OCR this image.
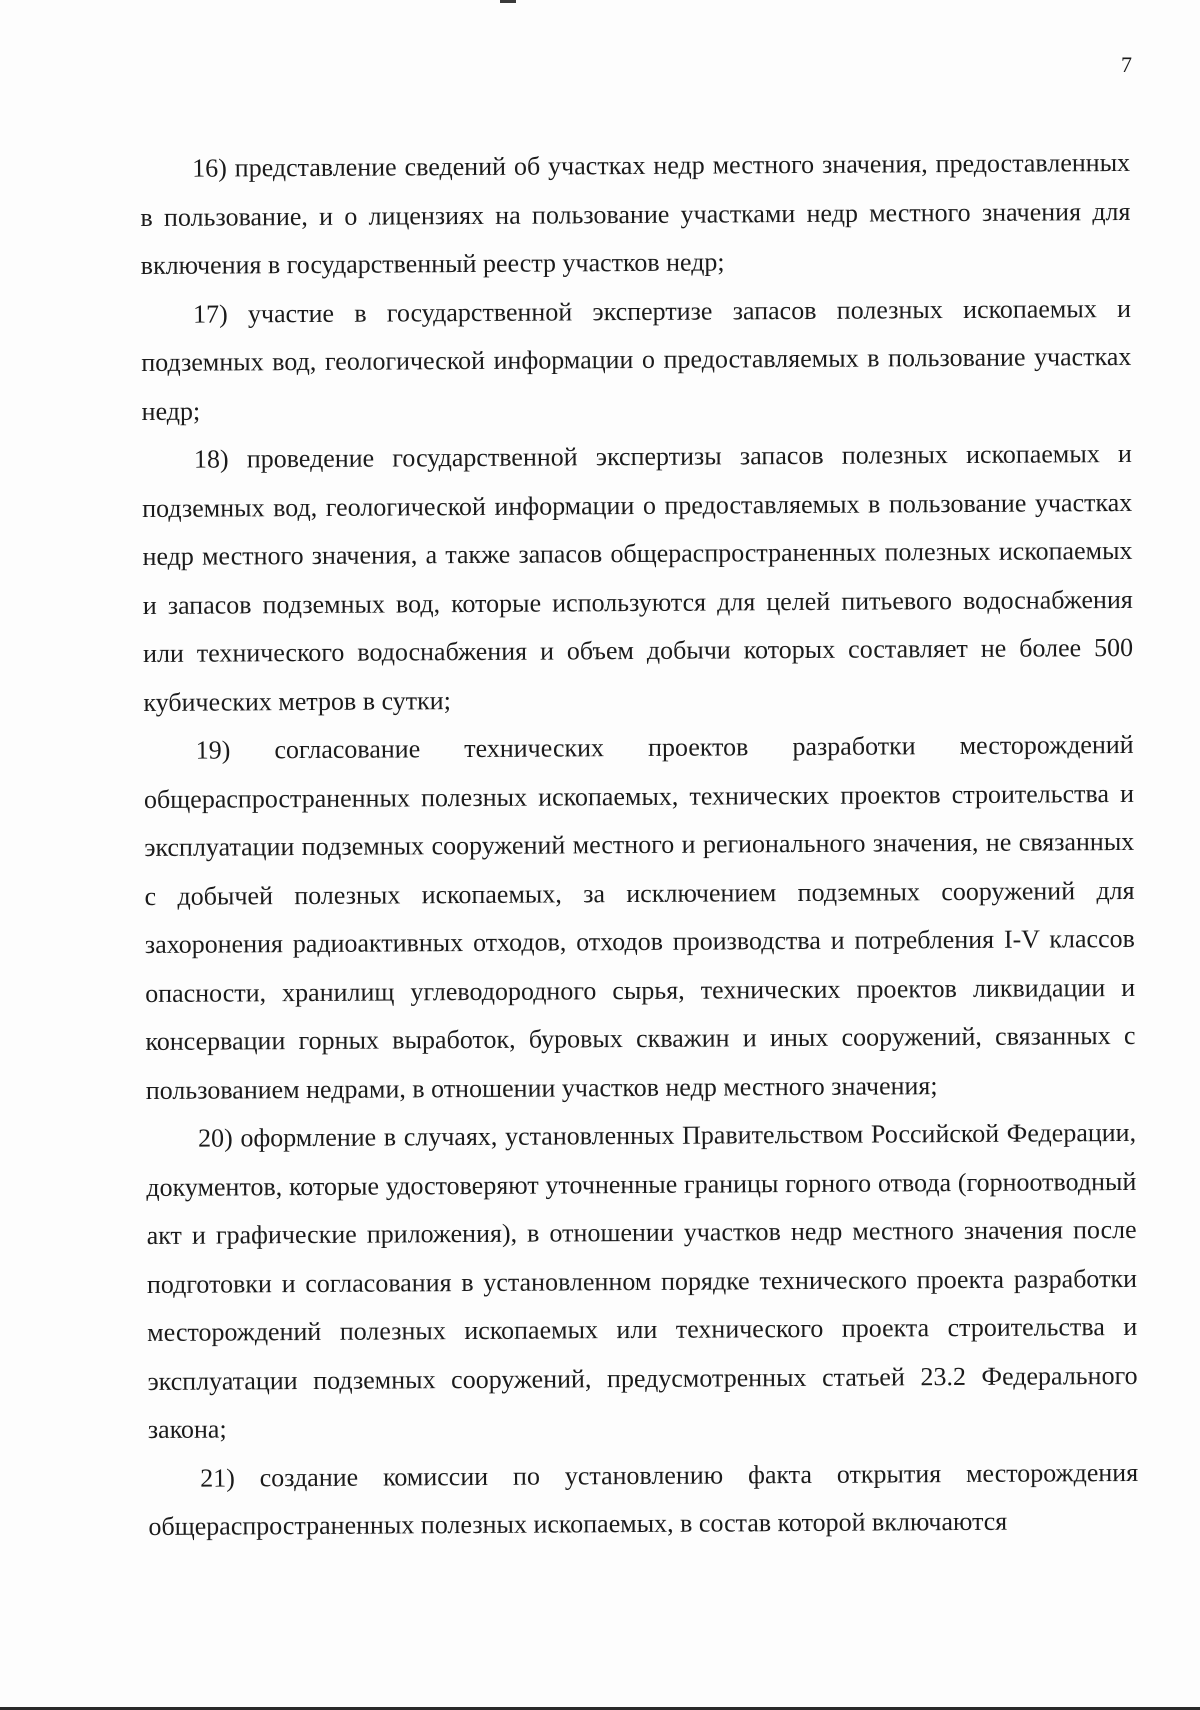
7

16) представление сведений об участках недр местного значения, предоставленных в пользование, и о лицензиях на пользование участками недр местного значения для включения в государственный реестр участков недр;

17) участие в государственной экспертизе запасов полезных ископаемых и подземных вод, геологической информации о предоставляемых в пользование участках недр;

18) проведение государственной экспертизы запасов полезных ископаемых и подземных вод, геологической информации о предоставляемых в пользование участках недр местного значения, а также запасов общераспространенных полезных ископаемых и запасов подземных вод, которые используются для целей питьевого водоснабжения или технического водоснабжения и объем добычи которых составляет не более 500 кубических метров в сутки;

19) согласование технических проектов разработки месторождений общераспространенных полезных ископаемых, технических проектов строительства и эксплуатации подземных сооружений местного и регионального значения, не связанных с добычей полезных ископаемых, за исключением подземных сооружений для захоронения радиоактивных отходов, отходов производства и потребления I-V классов опасности, хранилищ углеводородного сырья, технических проектов ликвидации и консервации горных выработок, буровых скважин и иных сооружений, связанных с пользованием недрами, в отношении участков недр местного значения;

20) оформление в случаях, установленных Правительством Российской Федерации, документов, которые удостоверяют уточненные границы горного отвода (горноотводный акт и графические приложения), в отношении участков недр местного значения после подготовки и согласования в установленном порядке технического проекта разработки месторождений полезных ископаемых или технического проекта строительства и эксплуатации подземных сооружений, предусмотренных статьей 23.2 Федерального закона;

21) создание комиссии по установлению факта открытия месторождения общераспространенных полезных ископаемых, в состав которой включаются
